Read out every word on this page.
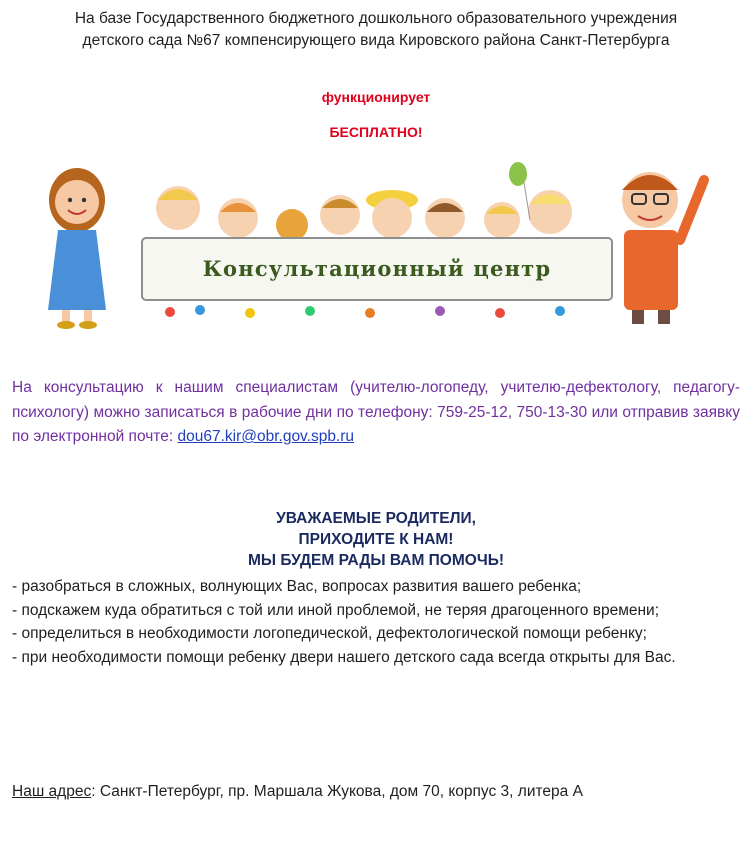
На базе Государственного бюджетного дошкольного образовательного учреждения
детского сада №67 компенсирующего вида Кировского района Санкт-Петербурга
функционирует
БЕСПЛАТНО!
Консультационный центр
На консультацию к нашим специалистам (учителю-логопеду, учителю-дефектологу, педагогу-психологу) можно записаться в рабочие дни по телефону: 759-25-12, 750-13-30 или отправив заявку по электронной почте: dou67.kir@obr.gov.spb.ru
УВАЖАЕМЫЕ РОДИТЕЛИ,
ПРИХОДИТЕ К НАМ!
МЫ БУДЕМ РАДЫ ВАМ ПОМОЧЬ!

- разобраться в сложных, волнующих Вас, вопросах развития вашего ребенка;

- подскажем куда обратиться с той или иной проблемой, не теряя драгоценного времени;

- определиться в необходимости логопедической, дефектологической помощи ребенку;

- при необходимости помощи ребенку двери нашего детского сада всегда открыты для Вас.

Наш адрес: Санкт-Петербург, пр. Маршала Жукова, дом 70, корпус 3, литера А
